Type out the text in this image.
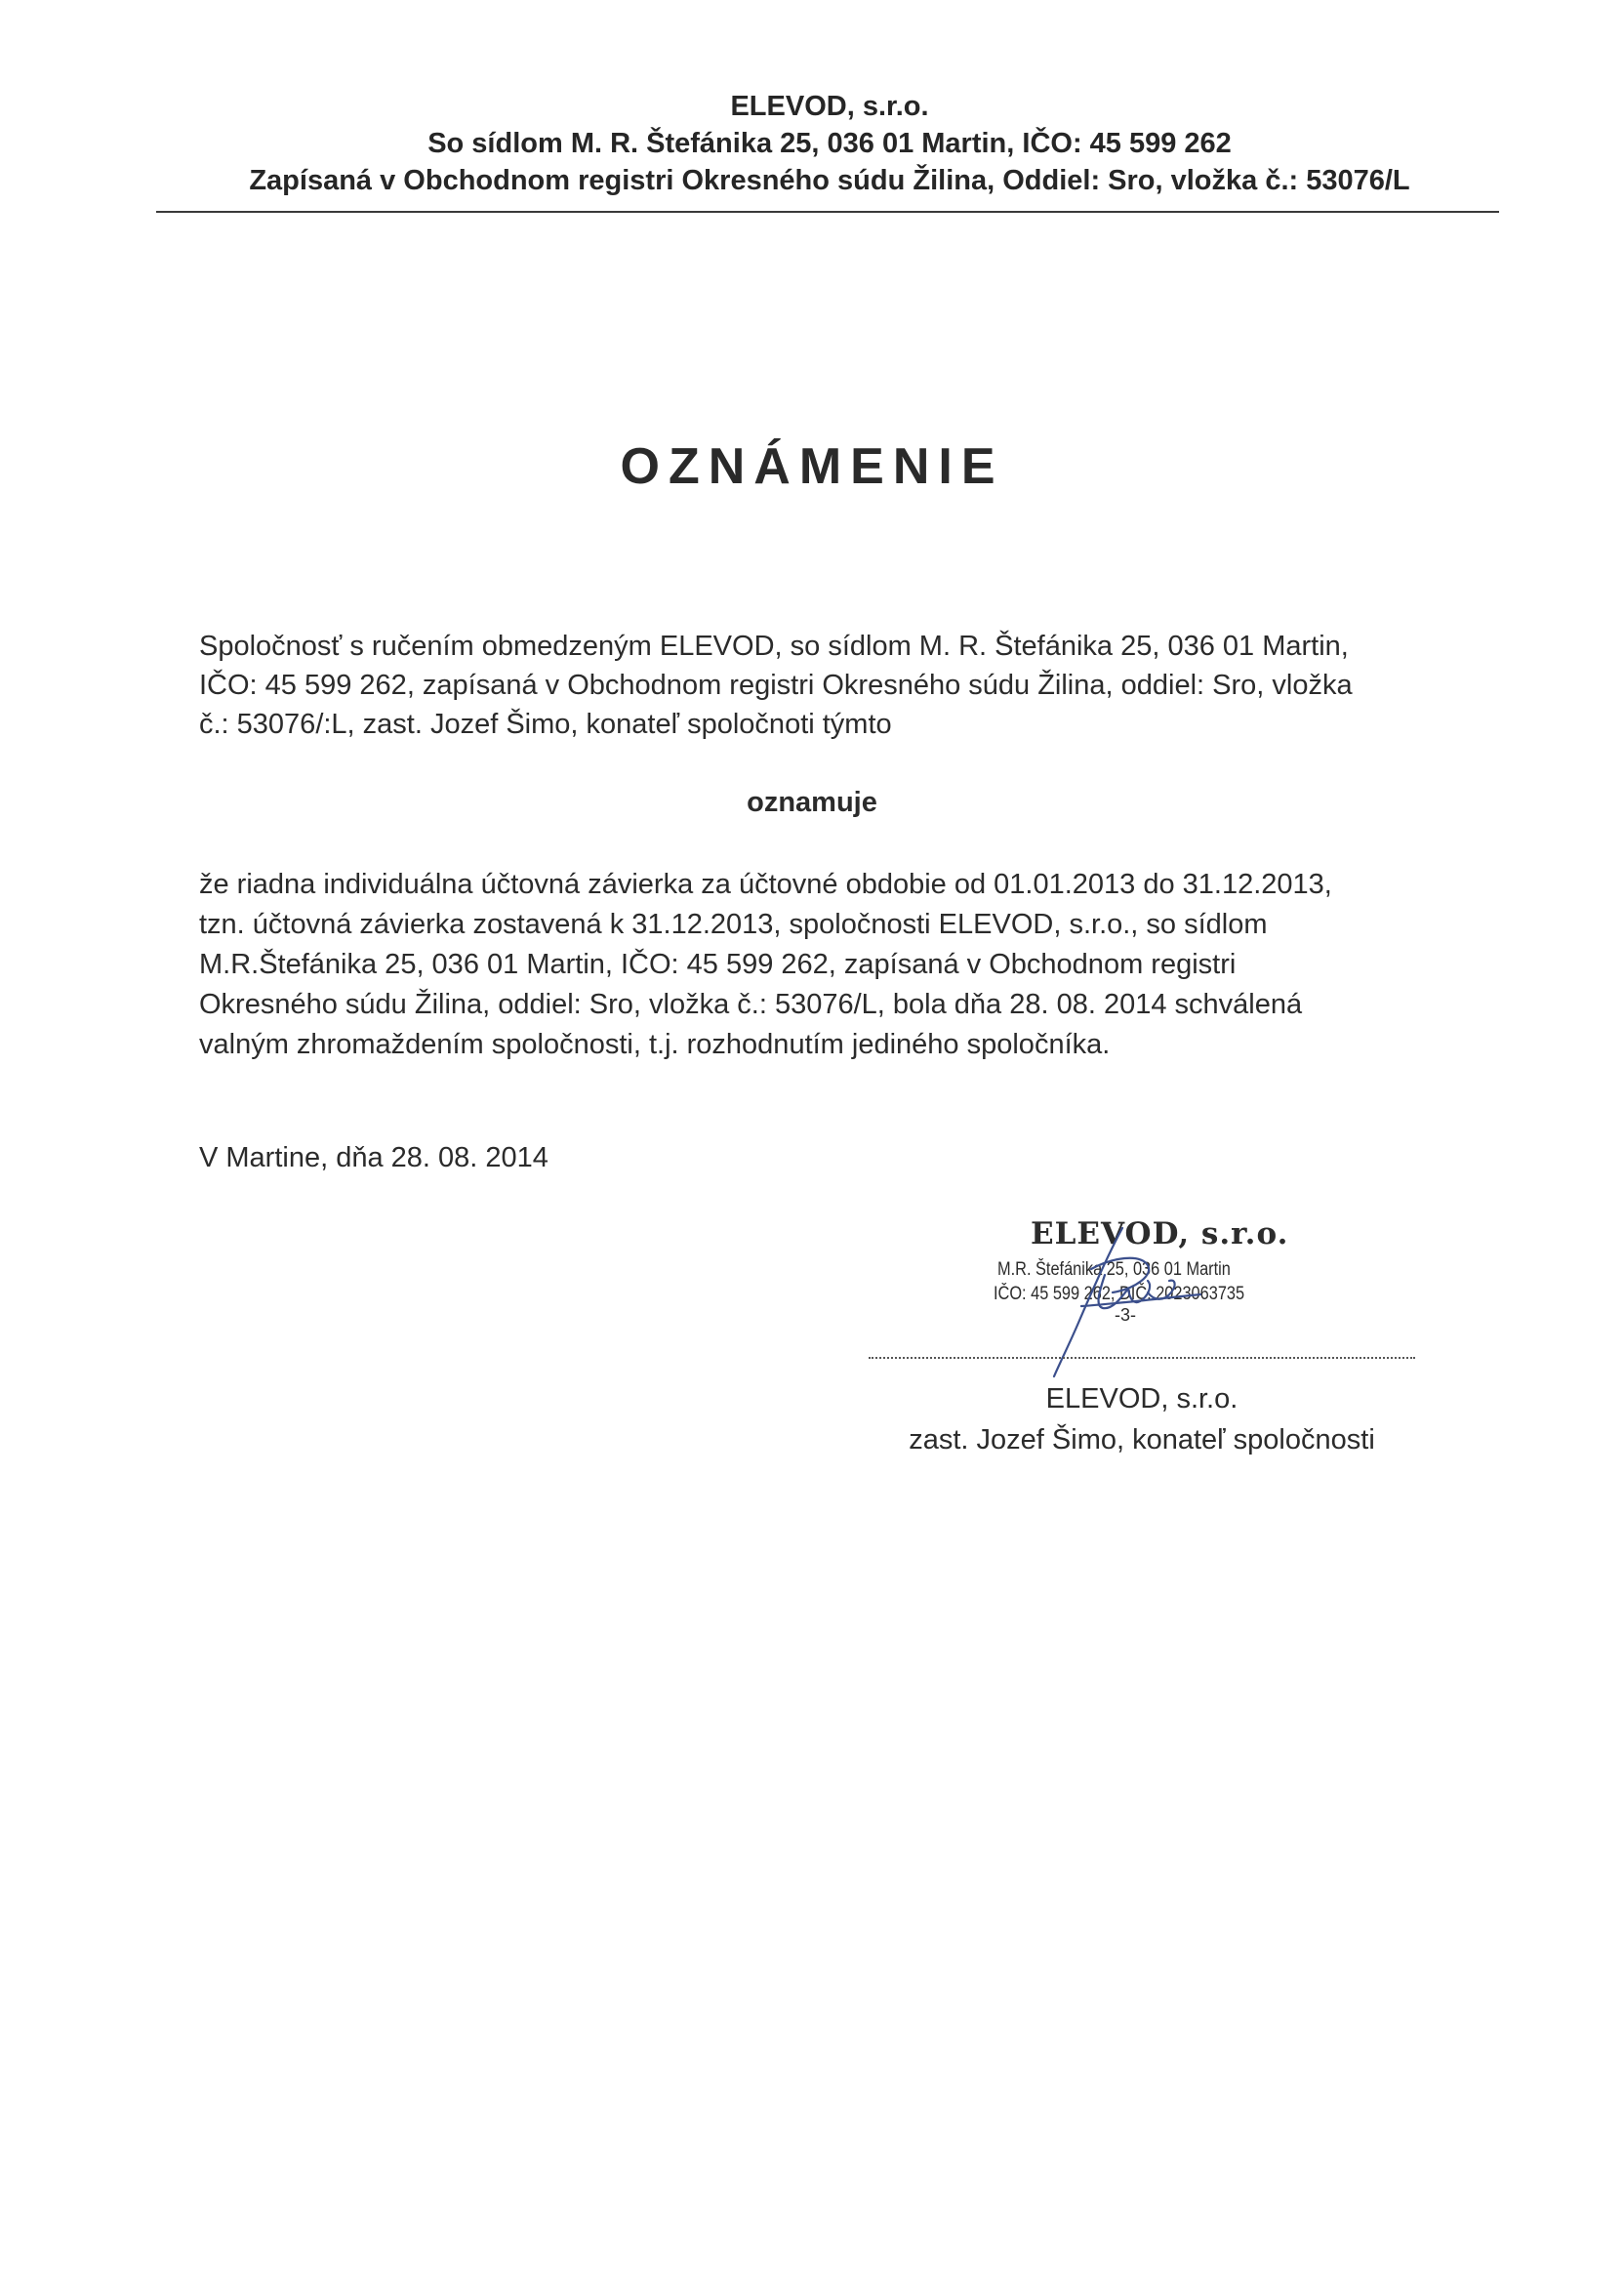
ELEVOD, s.r.o.
So sídlom M. R. Štefánika 25, 036 01 Martin, IČO: 45 599 262
Zapísaná v Obchodnom registri Okresného súdu Žilina, Oddiel: Sro, vložka č.: 53076/L
OZNÁMENIE
Spoločnosť s ručením obmedzeným ELEVOD, so sídlom M. R. Štefánika 25, 036 01 Martin,
IČO: 45 599 262, zapísaná v Obchodnom registri Okresného súdu Žilina, oddiel: Sro, vložka
č.: 53076/:L, zast. Jozef Šimo, konateľ spoločnoti týmto
oznamuje
že riadna individuálna účtovná závierka za účtovné obdobie od 01.01.2013 do 31.12.2013,
tzn. účtovná závierka zostavená k 31.12.2013, spoločnosti ELEVOD, s.r.o., so sídlom
M.R.Štefánika 25, 036 01 Martin, IČO: 45 599 262, zapísaná v Obchodnom registri
Okresného súdu Žilina, oddiel: Sro, vložka č.: 53076/L, bola dňa 28. 08. 2014 schválená
valným zhromaždením spoločnosti, t.j. rozhodnutím jediného spoločníka.
V Martine, dňa 28. 08. 2014
ELEVOD, s.r.o.
M.R. Štefánika 25, 036 01 Martin
IČO: 45 599 262, DIČ: 2023063735
-3-
ELEVOD, s.r.o.
zast. Jozef Šimo, konateľ spoločnosti
